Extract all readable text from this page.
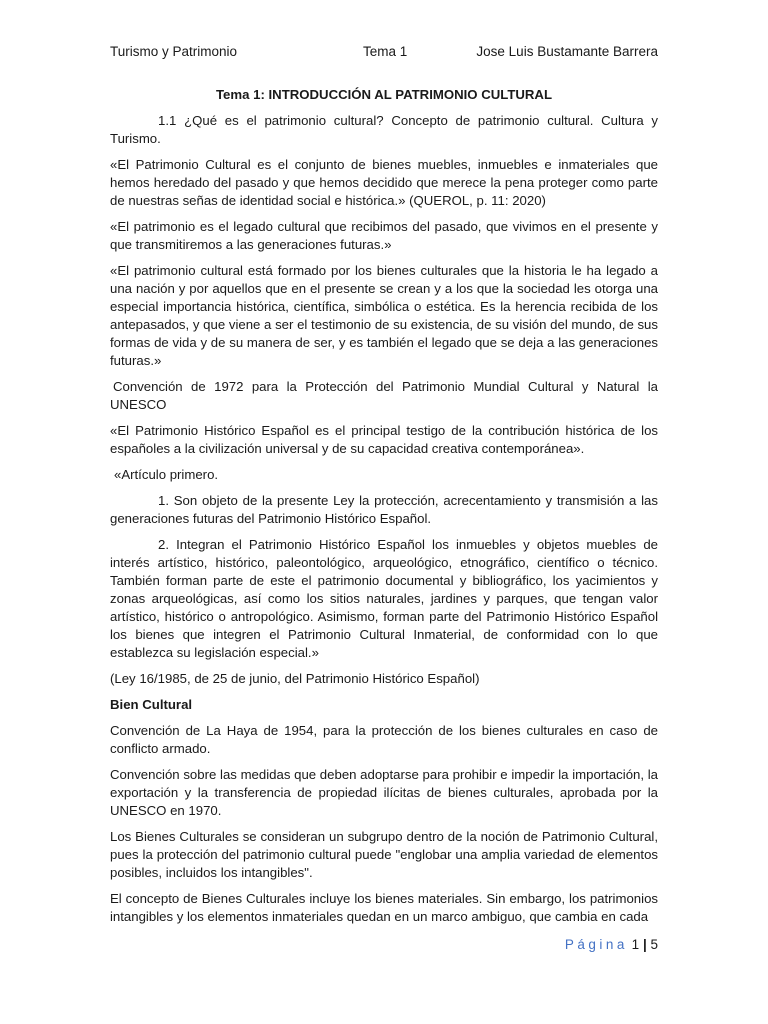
Turismo y Patrimonio	Tema 1	Jose Luis Bustamante Barrera

Tema 1: INTRODUCCIÓN AL PATRIMONIO CULTURAL

1.1 ¿Qué es el patrimonio cultural? Concepto de patrimonio cultural. Cultura y Turismo.

«El Patrimonio Cultural es el conjunto de bienes muebles, inmuebles e inmateriales que hemos heredado del pasado y que hemos decidido que merece la pena proteger como parte de nuestras señas de identidad social e histórica.» (QUEROL, p. 11: 2020)

«El patrimonio es el legado cultural que recibimos del pasado, que vivimos en el presente y que transmitiremos a las generaciones futuras.»

«El patrimonio cultural está formado por los bienes culturales que la historia le ha legado a una nación y por aquellos que en el presente se crean y a los que la sociedad les otorga una especial importancia histórica, científica, simbólica o estética. Es la herencia recibida de los antepasados, y que viene a ser el testimonio de su existencia, de su visión del mundo, de sus formas de vida y de su manera de ser, y es también el legado que se deja a las generaciones futuras.»

Convención de 1972 para la Protección del Patrimonio Mundial Cultural y Natural la UNESCO

«El Patrimonio Histórico Español es el principal testigo de la contribución histórica de los españoles a la civilización universal y de su capacidad creativa contemporánea».

«Artículo primero.

1. Son objeto de la presente Ley la protección, acrecentamiento y transmisión a las generaciones futuras del Patrimonio Histórico Español.

2. Integran el Patrimonio Histórico Español los inmuebles y objetos muebles de interés artístico, histórico, paleontológico, arqueológico, etnográfico, científico o técnico. También forman parte de este el patrimonio documental y bibliográfico, los yacimientos y zonas arqueológicas, así como los sitios naturales, jardines y parques, que tengan valor artístico, histórico o antropológico. Asimismo, forman parte del Patrimonio Histórico Español los bienes que integren el Patrimonio Cultural Inmaterial, de conformidad con lo que establezca su legislación especial.»

(Ley 16/1985, de 25 de junio, del Patrimonio Histórico Español)

Bien Cultural

Convención de La Haya de 1954, para la protección de los bienes culturales en caso de conflicto armado.

Convención sobre las medidas que deben adoptarse para prohibir e impedir la importación, la exportación y la transferencia de propiedad ilícitas de bienes culturales, aprobada por la UNESCO en 1970.

Los Bienes Culturales se consideran un subgrupo dentro de la noción de Patrimonio Cultural, pues la protección del patrimonio cultural puede "englobar una amplia variedad de elementos posibles, incluidos los intangibles".

El concepto de Bienes Culturales incluye los bienes materiales. Sin embargo, los patrimonios intangibles y los elementos inmateriales quedan en un marco ambiguo, que cambia en cada

Página 1 | 5
